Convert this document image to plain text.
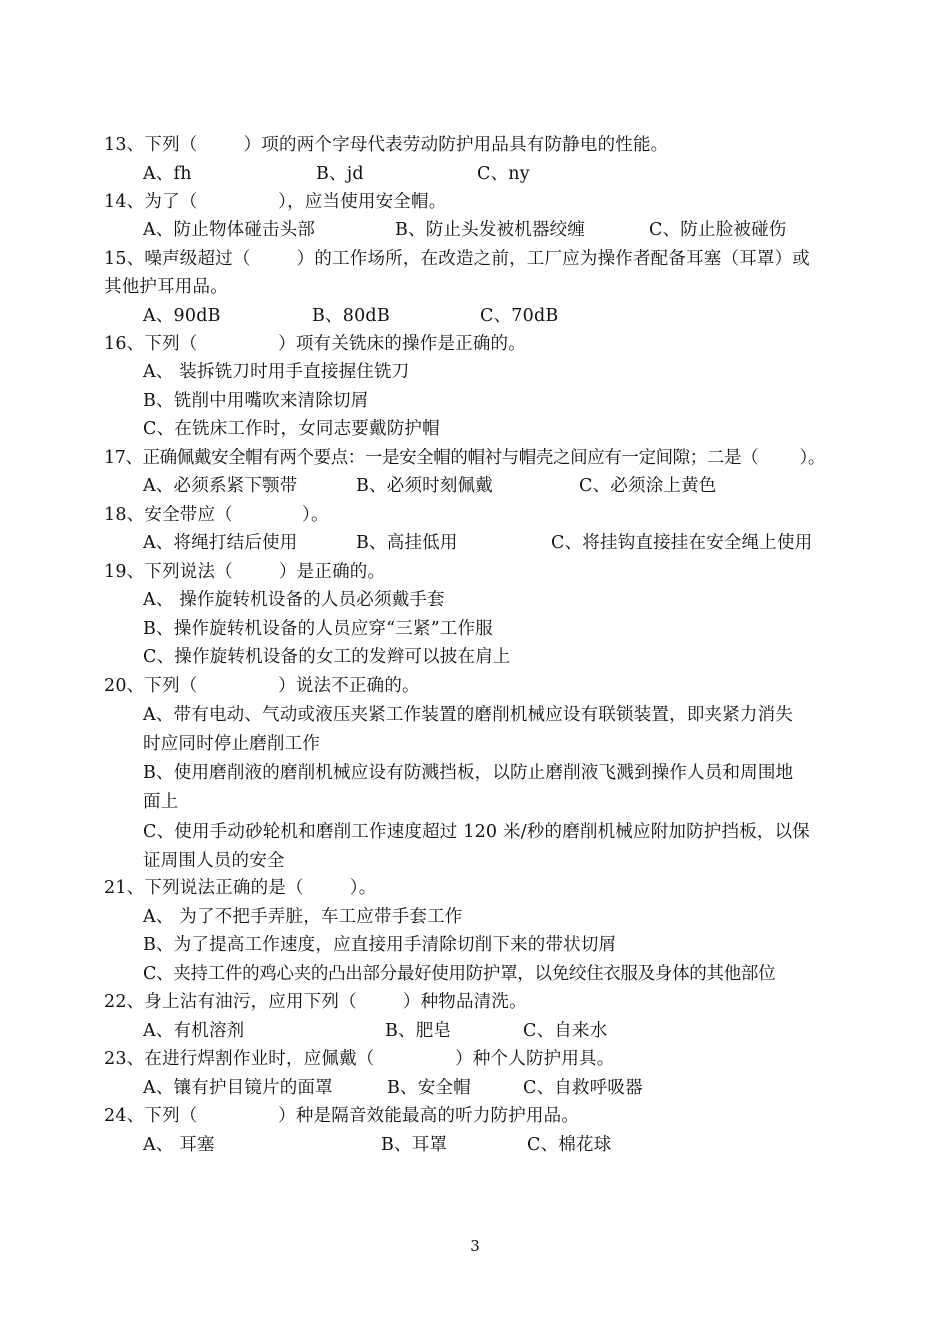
13、下列（        ）项的两个字母代表劳动防护用品具有防静电的性能。

A、fh

	B、jd

	C、ny

14、为了（              ），应当使用安全帽。

A、防止物体碰击头部

	B、防止头发被机器绞缠

	C、防止脸被碰伤

15、噪声级超过（        ）的工作场所，在改造之前，工厂应为操作者配备耳塞（耳罩）或
其他护耳用品。

A、90dB

	B、80dB

	C、70dB

16、下列（              ）项有关铣床的操作是正确的。
A、 装拆铣刀时用手直接握住铣刀
B、铣削中用嘴吹来清除切屑
C、在铣床工作时，女同志要戴防护帽
17、正确佩戴安全帽有两个要点：一是安全帽的帽衬与帽壳之间应有一定间隙；二是（        ）。

A、必须系紧下颚带

	B、必须时刻佩戴

	C、必须涂上黄色

18、安全带应（            ）。

A、将绳打结后使用

	B、高挂低用

	C、将挂钩直接挂在安全绳上使用

19、下列说法（        ）是正确的。
A、 操作旋转机设备的人员必须戴手套
B、操作旋转机设备的人员应穿“三紧”工作服
C、操作旋转机设备的女工的发辫可以披在肩上
20、下列（              ）说法不正确的。
A、带有电动、气动或液压夹紧工作装置的磨削机械应设有联锁装置，即夹紧力消失
时应同时停止磨削工作
B、使用磨削液的磨削机械应设有防溅挡板，以防止磨削液飞溅到操作人员和周围地
面上
C、使用手动砂轮机和磨削工作速度超过 120 米/秒的磨削机械应附加防护挡板，以保
证周围人员的安全
21、下列说法正确的是（        ）。
A、 为了不把手弄脏，车工应带手套工作
B、为了提高工作速度，应直接用手清除切削下来的带状切屑
C、夹持工件的鸡心夹的凸出部分最好使用防护罩，以免绞住衣服及身体的其他部位
22、身上沾有油污，应用下列（        ）种物品清洗。

A、有机溶剂

	B、肥皂

	C、自来水

23、在进行焊割作业时，应佩戴（              ）种个人防护用具。

A、镶有护目镜片的面罩

	B、安全帽

	C、自救呼吸器

24、下列（              ）种是隔音效能最高的听力防护用品。

A、 耳塞

	B、耳罩

	C、棉花球

3
